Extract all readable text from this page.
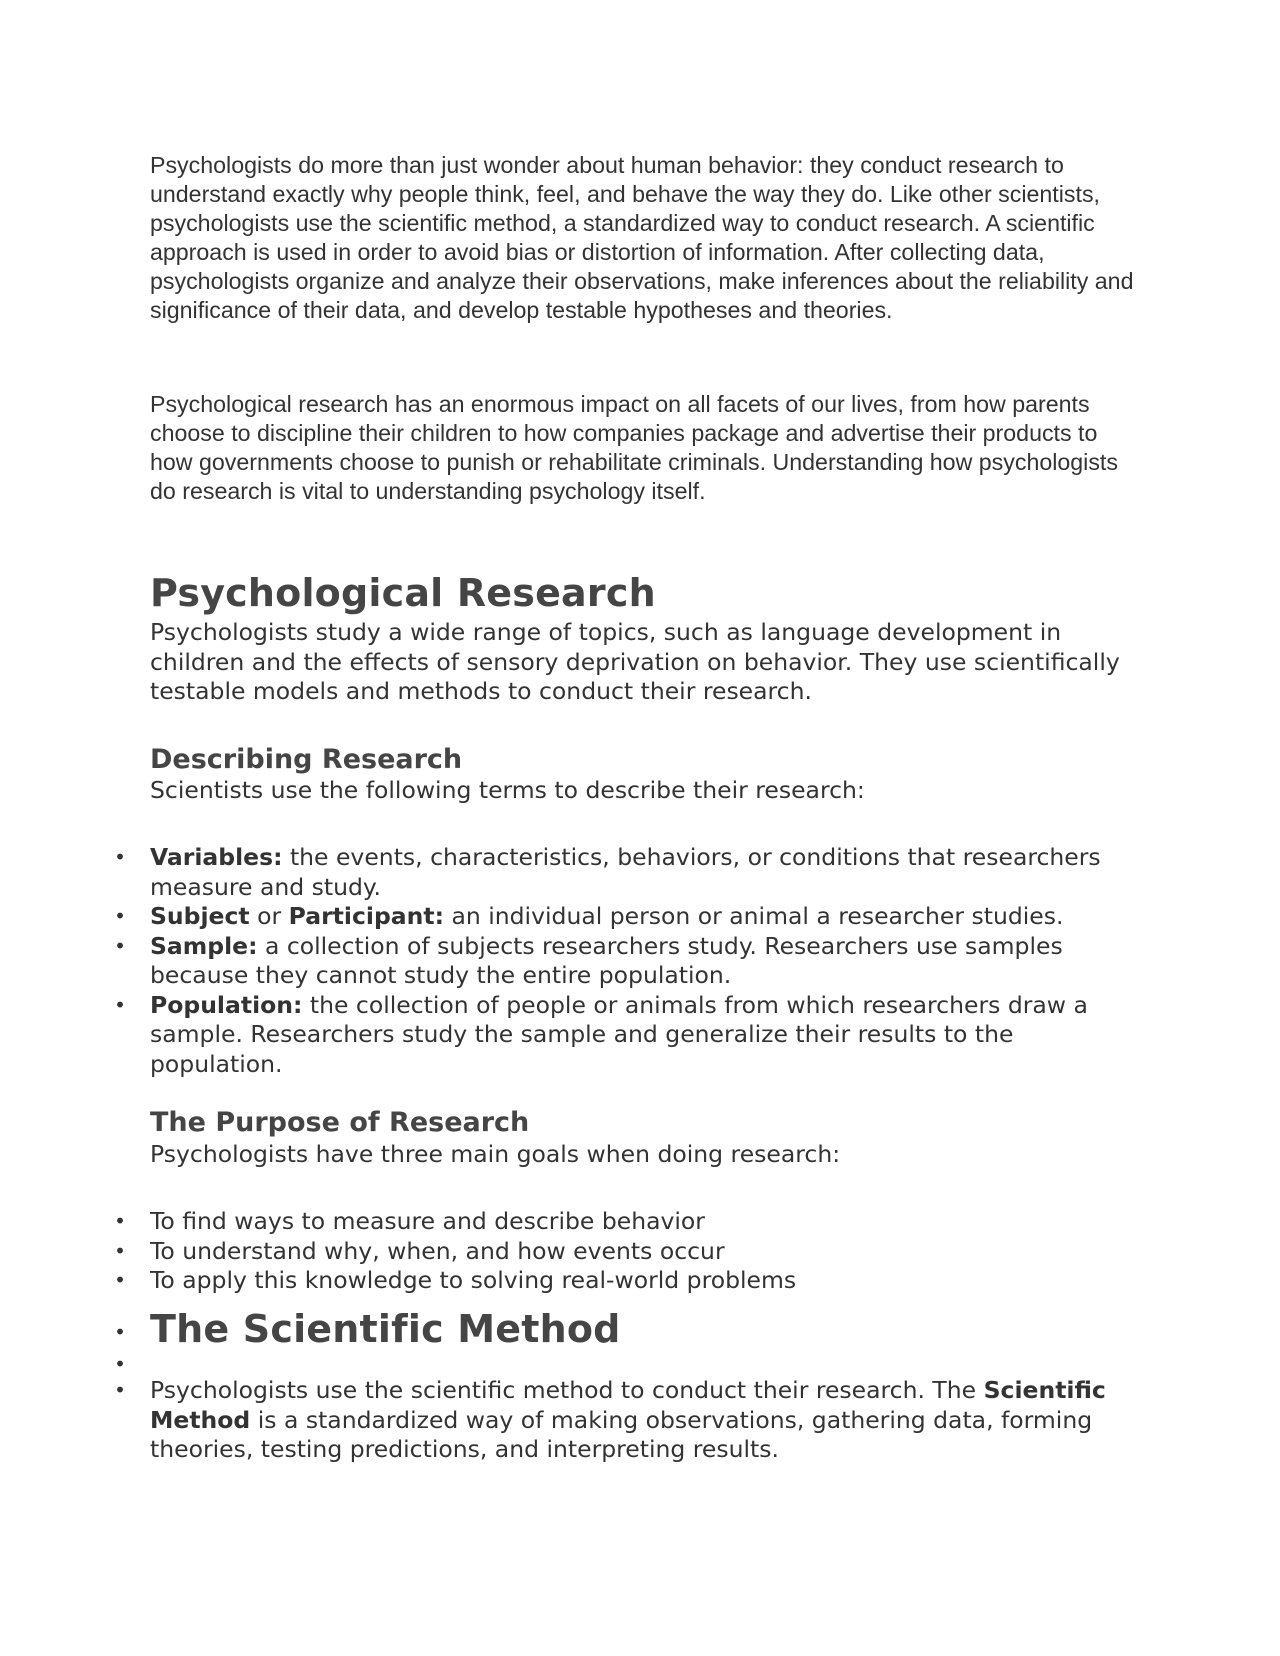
Psychologists do more than just wonder about human behavior: they conduct research to understand exactly why people think, feel, and behave the way they do. Like other scientists, psychologists use the scientific method, a standardized way to conduct research. A scientific approach is used in order to avoid bias or distortion of information. After collecting data, psychologists organize and analyze their observations, make inferences about the reliability and significance of their data, and develop testable hypotheses and theories.

Psychological research has an enormous impact on all facets of our lives, from how parents choose to discipline their children to how companies package and advertise their products to how governments choose to punish or rehabilitate criminals. Understanding how psychologists do research is vital to understanding psychology itself.

Psychological Research

Psychologists study a wide range of topics, such as language development in children and the effects of sensory deprivation on behavior. They use scientifically testable models and methods to conduct their research.

Describing Research

Scientists use the following terms to describe their research:

• Variables: the events, characteristics, behaviors, or conditions that researchers measure and study.
• Subject or Participant: an individual person or animal a researcher studies.
• Sample: a collection of subjects researchers study. Researchers use samples because they cannot study the entire population.
• Population: the collection of people or animals from which researchers draw a sample. Researchers study the sample and generalize their results to the population.
The Purpose of Research

Psychologists have three main goals when doing research:

• To find ways to measure and describe behavior
• To understand why, when, and how events occur
• To apply this knowledge to solving real-world problems
• The Scientific Method
•
• Psychologists use the scientific method to conduct their research. The Scientific Method is a standardized way of making observations, gathering data, forming theories, testing predictions, and interpreting results.
